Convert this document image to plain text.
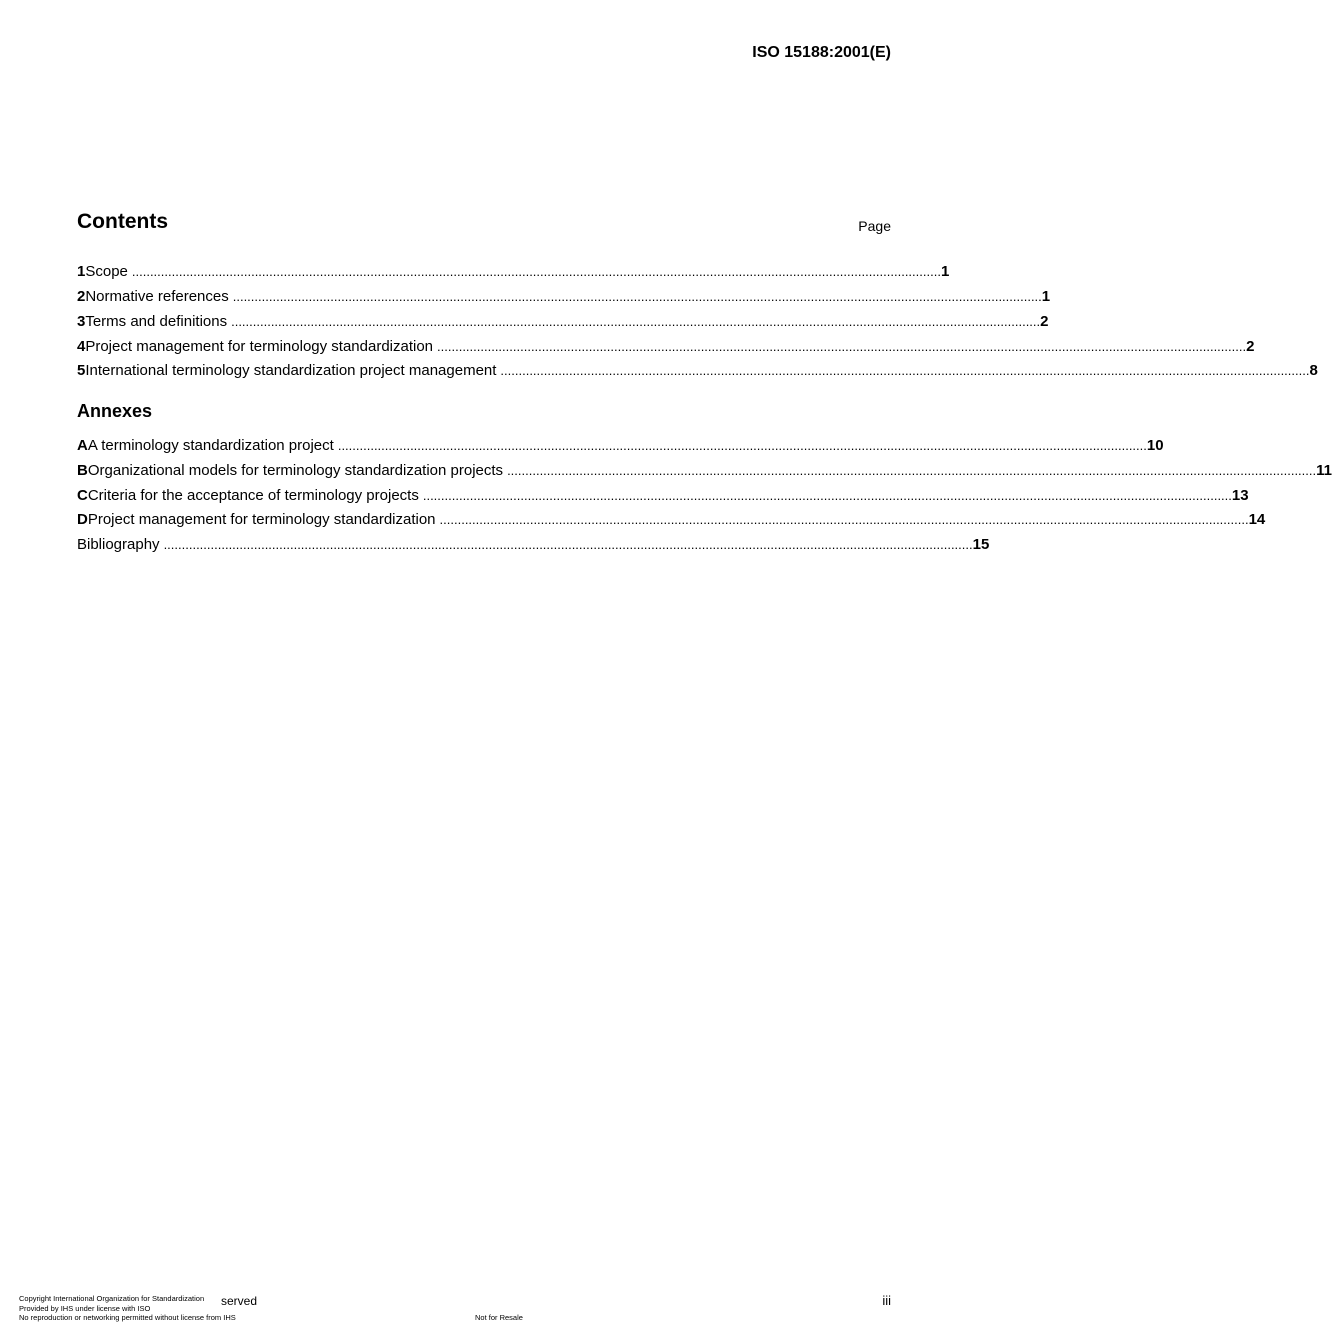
ISO 15188:2001(E)
Contents	Page
1 Scope ................................................................................................................................................................................................................................ 1
2 Normative references ................................................................................................................................................................................................................................ 1
3 Terms and definitions ................................................................................................................................................................................................................................ 2
4 Project management for terminology standardization ................................................................................................................................................................................................................................ 2
5 International terminology standardization project management ................................................................................................................................................................................................................................ 8
Annexes
A A terminology standardization project ................................................................................................................................................................................................................................ 10
B Organizational models for terminology standardization projects ................................................................................................................................................................................................................................ 11
C Criteria for the acceptance of terminology projects ................................................................................................................................................................................................................................ 13
D Project management for terminology standardization ................................................................................................................................................................................................................................ 14
Bibliography ................................................................................................................................................................................................................................ 15
Copyright International Organization for Standardization
Provided by IHS under license with ISO
No reproduction or networking permitted without license from IHS
served
Not for Resale
iii
